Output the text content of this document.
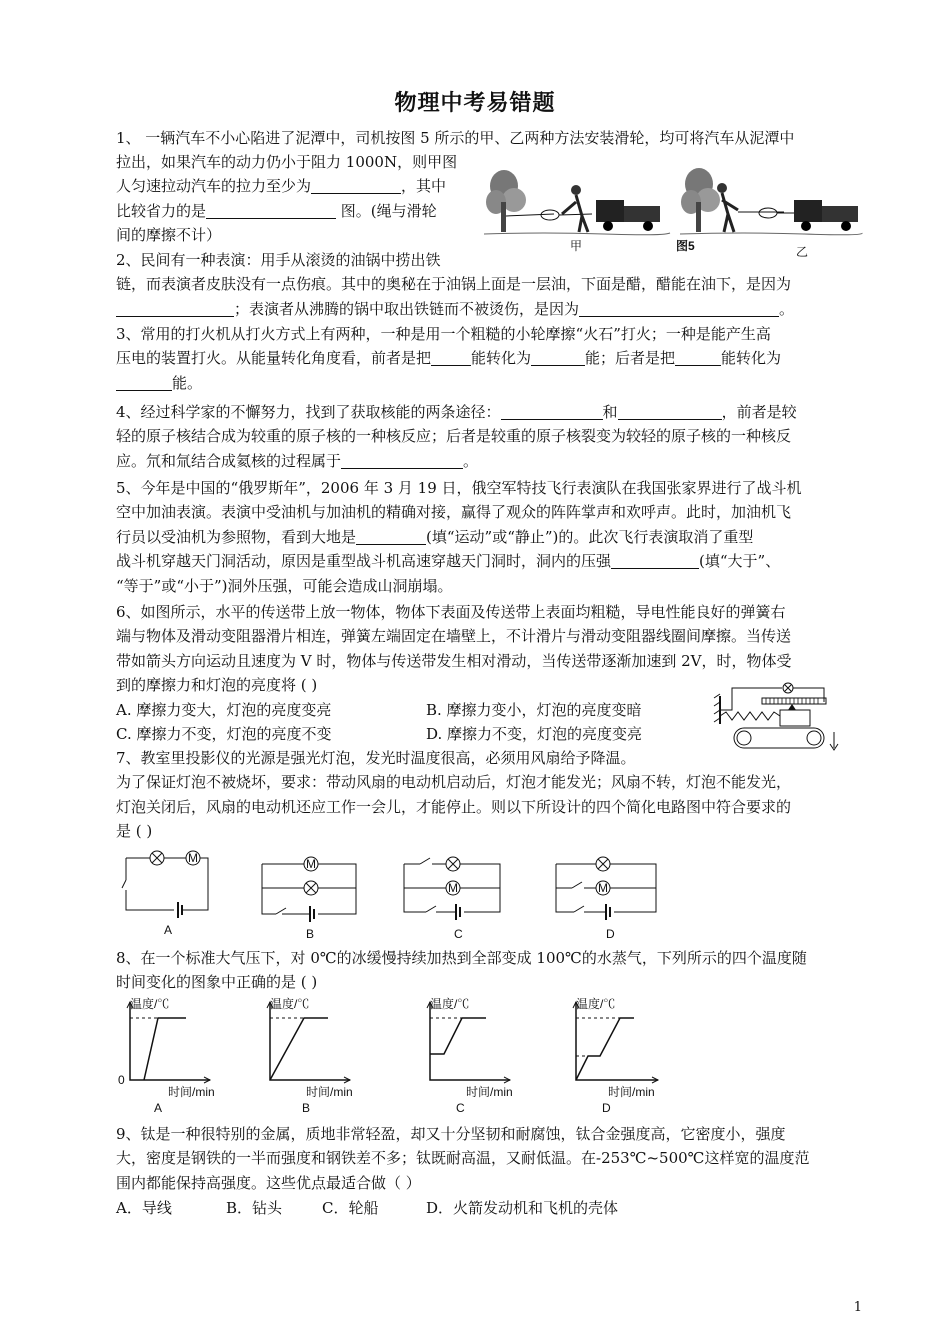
物理中考易错题
1、 一辆汽车不小心陷进了泥潭中，司机按图 5 所示的甲、乙两种方法安装滑轮，均可将汽车从泥潭中
拉出，如果汽车的动力仍小于阻力 1000N，则甲图
人匀速拉动汽车的拉力至少为	，其中
比较省力的是	图。(绳与滑轮
间的摩擦不计）
甲	图5	乙
2、民间有一种表演：用手从滚烫的油锅中捞出铁
链，而表演者皮肤没有一点伤痕。其中的奥秘在于油锅上面是一层油，下面是醋，醋能在油下，是因为
；表演者从沸腾的锅中取出铁链而不被烫伤，是因为	。
3、常用的打火机从打火方式上有两种，一种是用一个粗糙的小轮摩擦“火石”打火；一种是能产生高
压电的装置打火。从能量转化角度看，前者是把	能转化为	能；后者是把	能转化为
能。
4、经过科学家的不懈努力，找到了获取核能的两条途径：	和	，前者是较
轻的原子核结合成为较重的原子核的一种核反应；后者是较重的原子核裂变为较轻的原子核的一种核反
应。氘和氚结合成氦核的过程属于	。
5、今年是中国的“俄罗斯年”，2006 年 3 月 19 日，俄空军特技飞行表演队在我国张家界进行了战斗机
空中加油表演。表演中受油机与加油机的精确对接，赢得了观众的阵阵掌声和欢呼声。此时，加油机飞
行员以受油机为参照物，看到大地是	(填“运动”或“静止”)的。此次飞行表演取消了重型
战斗机穿越天门洞活动，原因是重型战斗机高速穿越天门洞时，洞内的压强	(填“大于”、
“等于”或“小于”)洞外压强，可能会造成山洞崩塌。
6、如图所示，水平的传送带上放一物体，物体下表面及传送带上表面均粗糙，导电性能良好的弹簧右
端与物体及滑动变阻器滑片相连，弹簧左端固定在墙壁上，不计滑片与滑动变阻器线圈间摩擦。当传送
带如箭头方向运动且速度为 V 时，物体与传送带发生相对滑动，当传送带逐渐加速到 2V，时，物体受
到的摩擦力和灯泡的亮度将 ( )
A. 摩擦力变大，灯泡的亮度变亮	B. 摩擦力变小，灯泡的亮度变暗
C. 摩擦力不变，灯泡的亮度不变	D. 摩擦力不变，灯泡的亮度变亮
7、教室里投影仪的光源是强光灯泡，发光时温度很高，必须用风扇给予降温。
为了保证灯泡不被烧坏，要求：带动风扇的电动机启动后，灯泡才能发光；风扇不转，灯泡不能发光，
灯泡关闭后，风扇的电动机还应工作一会儿，才能停止。则以下所设计的四个简化电路图中符合要求的
是 ( )
M
A
M
B
M
C
M
D
8、在一个标准大气压下，对 0℃的冰缓慢持续加热到全部变成 100℃的水蒸气，下列所示的四个温度随
时间变化的图象中正确的是 ( )
温度/℃
0
时间/min
A
温度/℃
时间/min
B
温度/℃
时间/min
C
温度/℃
时间/min
D
9、钛是一种很特别的金属，质地非常轻盈，却又十分坚韧和耐腐蚀，钛合金强度高，它密度小，强度
大，密度是钢铁的一半而强度和钢铁差不多；钛既耐高温，又耐低温。在-253℃~500℃这样宽的温度范
围内都能保持高强度。这些优点最适合做（ ）
A．导线	B．钻头	C．轮船	D．火箭发动机和飞机的壳体
1
